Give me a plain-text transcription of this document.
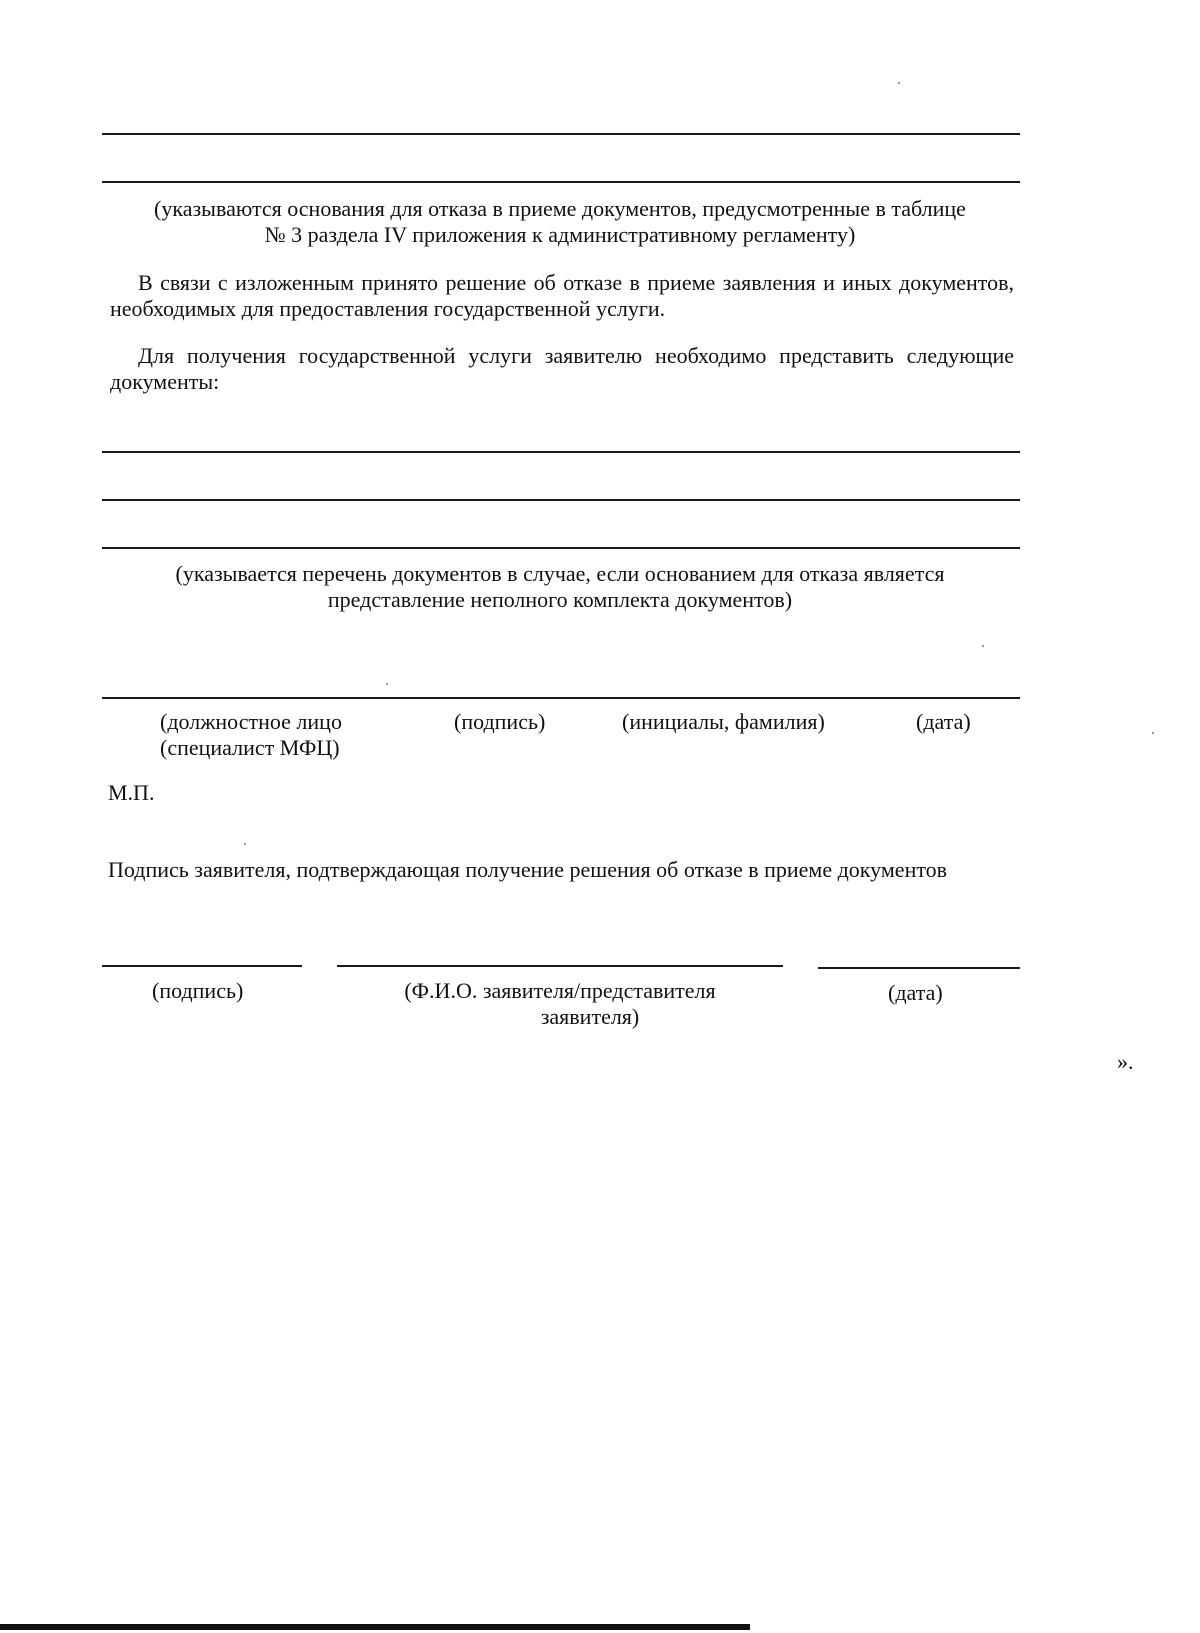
(указываются основания для отказа в приеме документов, предусмотренные в таблице
№ 3 раздела IV приложения к административному регламенту)
В связи с изложенным принято решение об отказе в приеме заявления и иных документов, необходимых для предоставления государственной услуги.
Для получения государственной услуги заявителю необходимо представить следующие документы:
(указывается перечень документов в случае, если основанием для отказа является
представление неполного комплекта документов)
(должностное лицо
(специалист МФЦ)
(подпись)	(инициалы, фамилия)	(дата)
М.П.
Подпись заявителя, подтверждающая получение решения об отказе в приеме документов
(подпись)	(Ф.И.О. заявителя/представителя
заявителя)
(дата)
».
